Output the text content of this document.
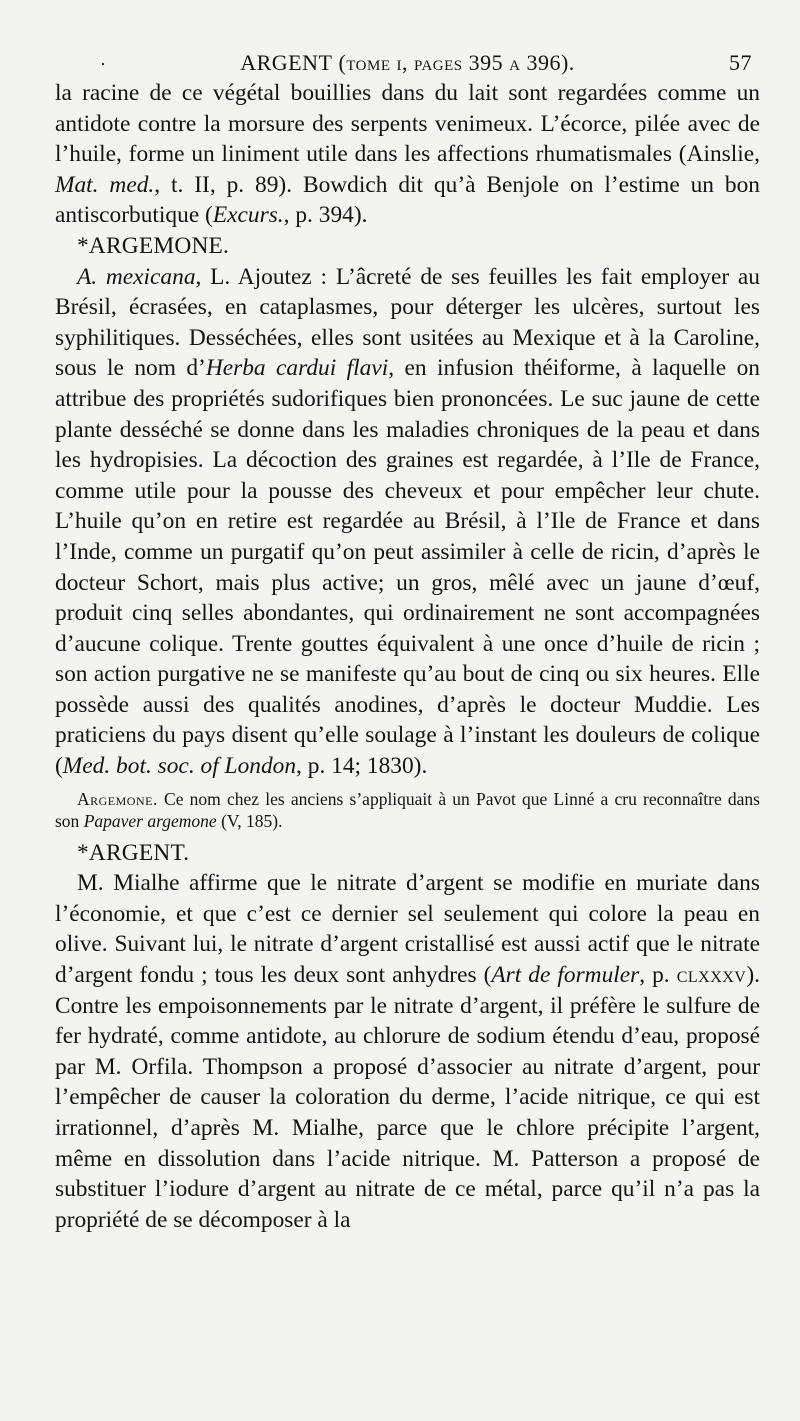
·	ARGENT (tome i, pages 395 a 396).	57

la racine de ce végétal bouillies dans du lait sont regardées comme un antidote contre la morsure des serpents venimeux. L’écorce, pilée avec de l’huile, forme un liniment utile dans les affections rhumatismales (Ainslie, Mat. med., t. II, p. 89). Bowdich dit qu’à Benjole on l’estime un bon antiscorbutique (Excurs., p. 394).

*ARGEMONE.

A. mexicana, L. Ajoutez : L’âcreté de ses feuilles les fait employer au Brésil, écrasées, en cataplasmes, pour déterger les ulcères, surtout les syphilitiques. Desséchées, elles sont usitées au Mexique et à la Caroline, sous le nom d’Herba cardui flavi, en infusion théiforme, à laquelle on attribue des propriétés sudorifiques bien prononcées. Le suc jaune de cette plante desséché se donne dans les maladies chroniques de la peau et dans les hydropisies. La décoction des graines est regardée, à l’Ile de France, comme utile pour la pousse des cheveux et pour empêcher leur chute. L’huile qu’on en retire est regardée au Brésil, à l’Ile de France et dans l’Inde, comme un purgatif qu’on peut assimiler à celle de ricin, d’après le docteur Schort, mais plus active; un gros, mêlé avec un jaune d’œuf, produit cinq selles abondantes, qui ordinairement ne sont accompagnées d’aucune colique. Trente gouttes équivalent à une once d’huile de ricin ; son action purgative ne se manifeste qu’au bout de cinq ou six heures. Elle possède aussi des qualités anodines, d’après le docteur Muddie. Les praticiens du pays disent qu’elle soulage à l’instant les douleurs de colique (Med. bot. soc. of London, p. 14; 1830).

Argemone. Ce nom chez les anciens s’appliquait à un Pavot que Linné a cru reconnaître dans son Papaver argemone (V, 185).

*ARGENT.

M. Mialhe affirme que le nitrate d’argent se modifie en muriate dans l’économie, et que c’est ce dernier sel seulement qui colore la peau en olive. Suivant lui, le nitrate d’argent cristallisé est aussi actif que le nitrate d’argent fondu ; tous les deux sont anhydres (Art de formuler, p. clxxxv). Contre les empoisonnements par le nitrate d’argent, il préfère le sulfure de fer hydraté, comme antidote, au chlorure de sodium étendu d’eau, proposé par M. Orfila. Thompson a proposé d’associer au nitrate d’argent, pour l’empêcher de causer la coloration du derme, l’acide nitrique, ce qui est irrationnel, d’après M. Mialhe, parce que le chlore précipite l’argent, même en dissolution dans l’acide nitrique. M. Patterson a proposé de substituer l’iodure d’argent au nitrate de ce métal, parce qu’il n’a pas la propriété de se décomposer à la
